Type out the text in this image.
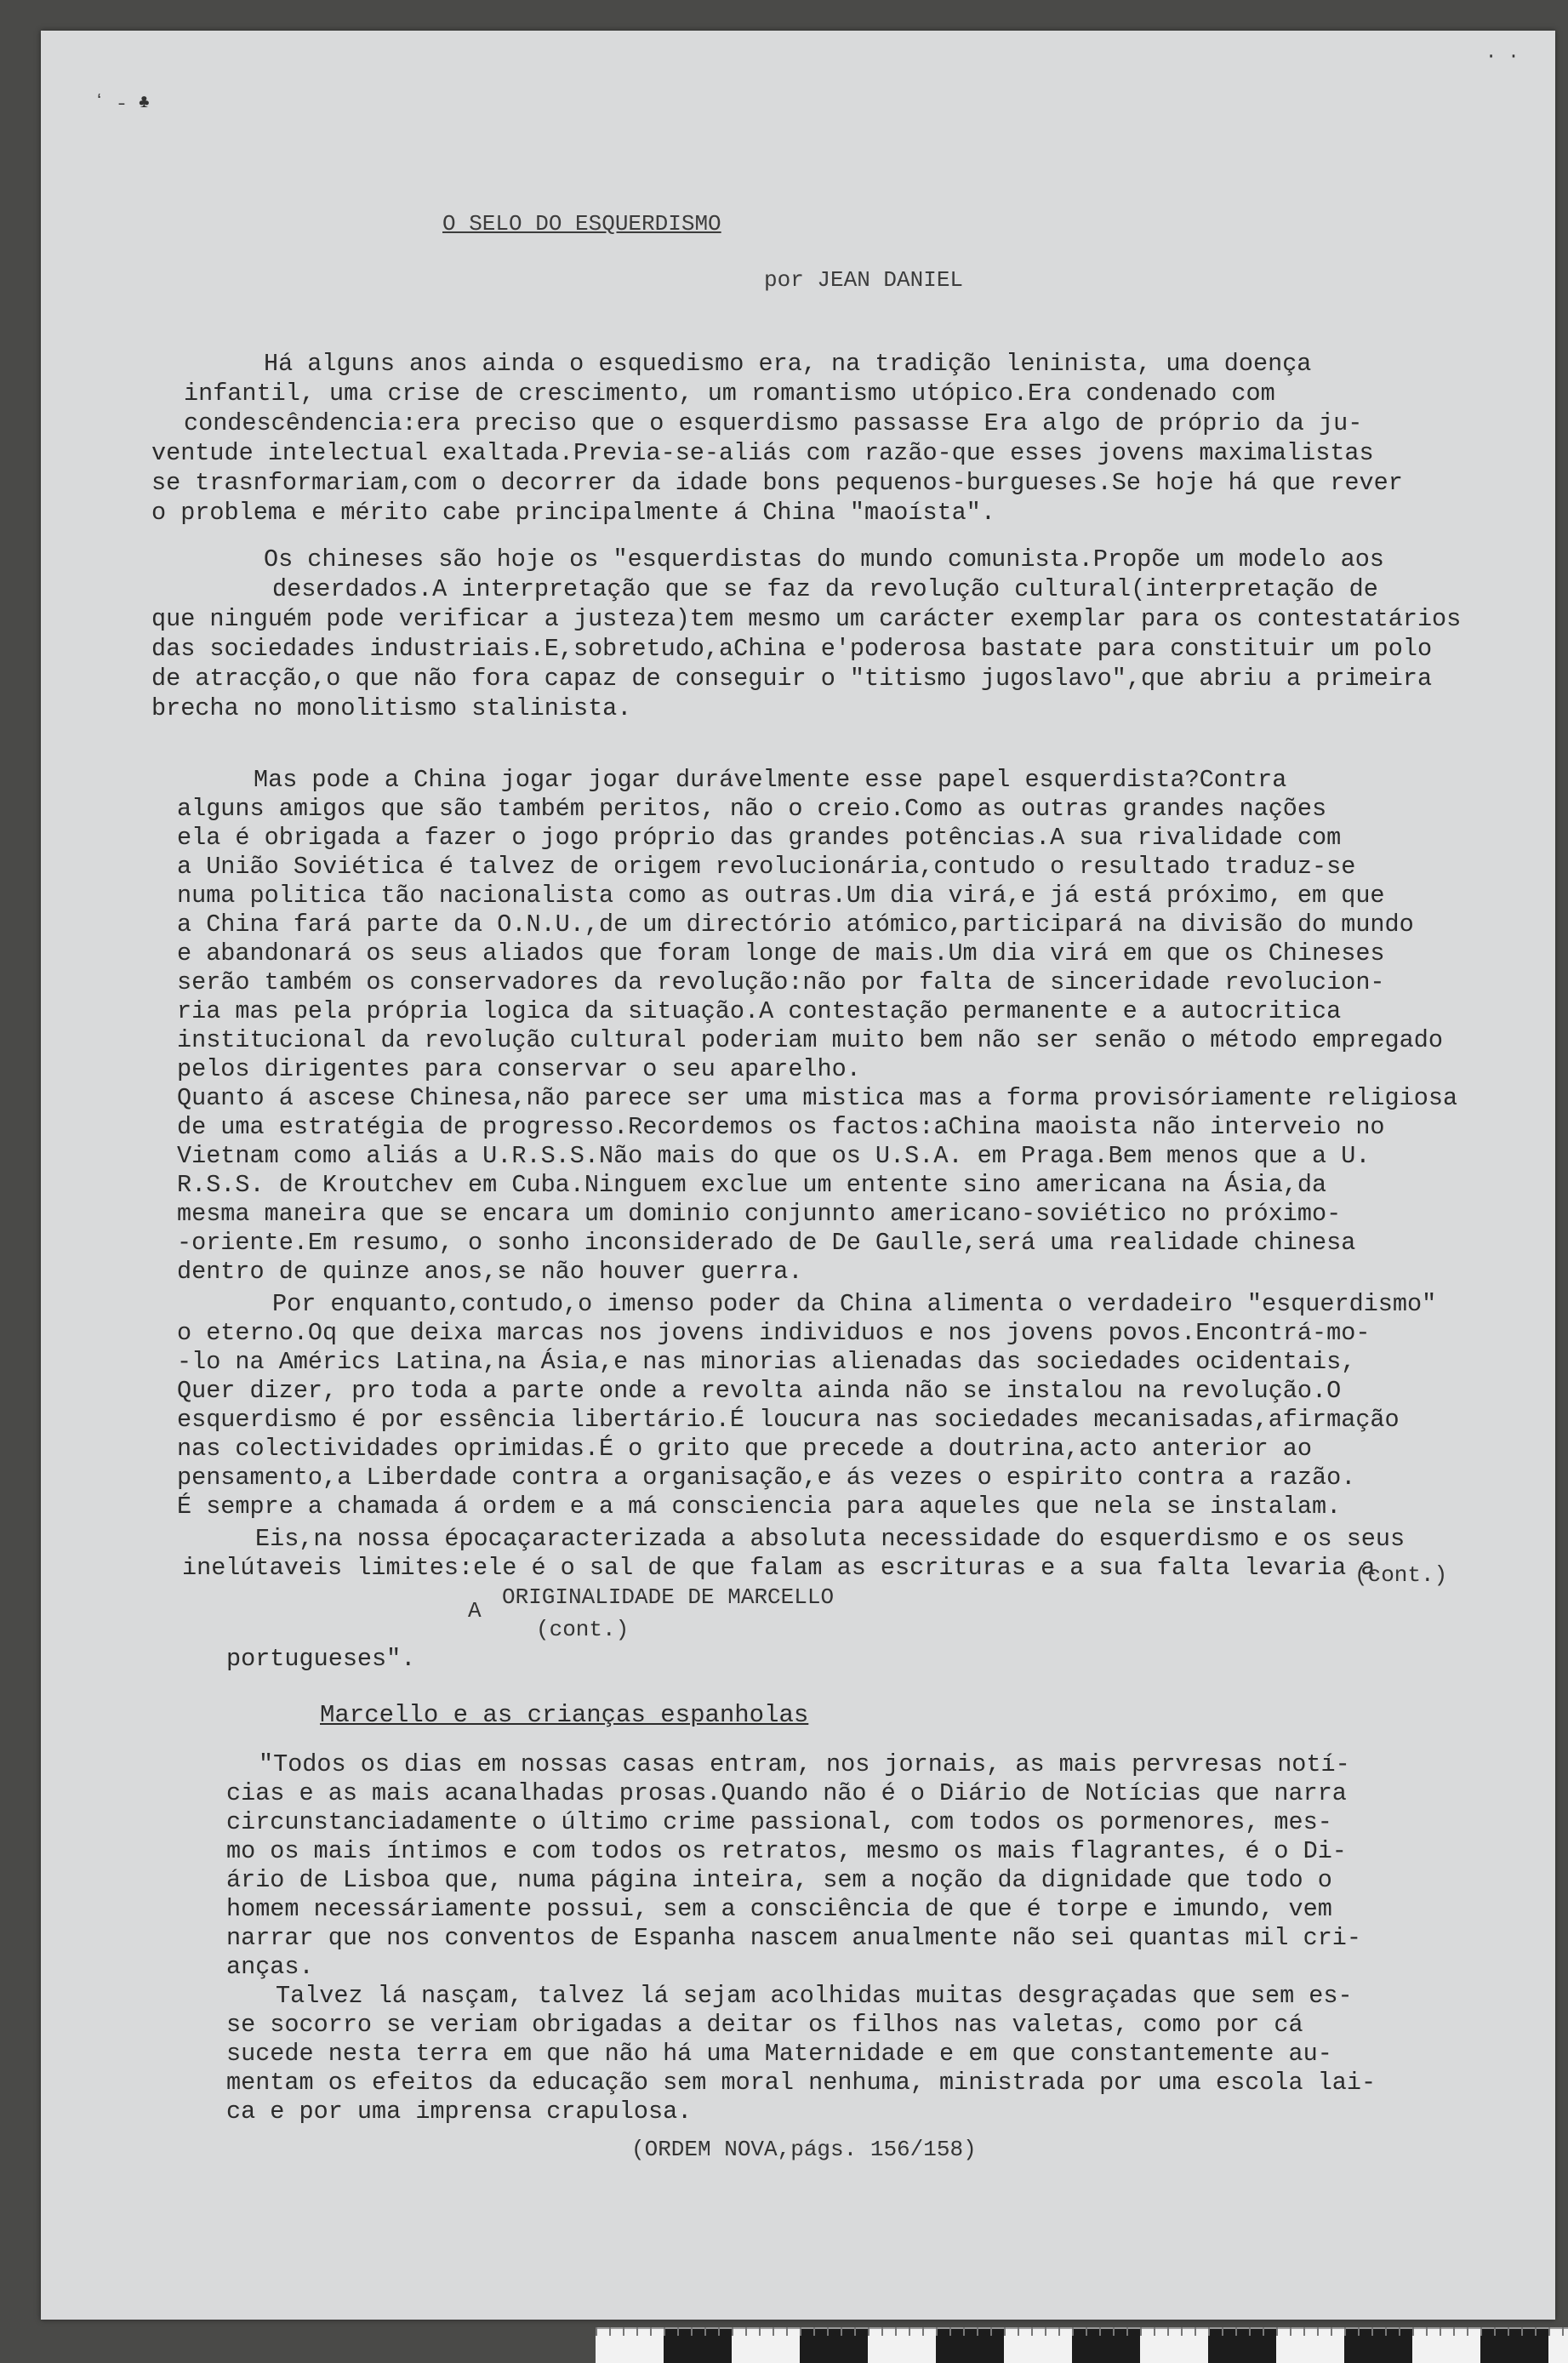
ʻ ˗ ♣
· ·
O SELO DO ESQUERDISMO
por JEAN DANIEL
Há alguns anos ainda o esquedismo era, na tradição leninista, uma doença
infantil, uma crise de crescimento, um romantismo utópico.Era condenado com
condescêndencia:era preciso que o esquerdismo passasse Era algo de próprio da ju-
ventude intelectual exaltada.Previa-se-aliás com razão-que esses jovens maximalistas
se trasnformariam,com o decorrer da idade bons pequenos-burgueses.Se hoje há que rever
o problema e mérito cabe principalmente á China "maoísta".
Os chineses são hoje os "esquerdistas do mundo comunista.Propõe um modelo aos
deserdados.A interpretação que se faz da revolução cultural(interpretação de
que ninguém pode verificar a justeza)tem mesmo um carácter exemplar para os contestatários
das sociedades industriais.E,sobretudo,aChina e'poderosa bastate para constituir um polo
de atracção,o que não fora capaz de conseguir o "titismo jugoslavo",que abriu a primeira
brecha no monolitismo stalinista.
Mas pode a China jogar jogar durávelmente esse papel esquerdista?Contra
alguns amigos que são também peritos, não o creio.Como as outras grandes nações
ela é obrigada a fazer o jogo próprio das grandes potências.A sua rivalidade com
a União Soviética é talvez de origem revolucionária,contudo o resultado traduz-se
numa politica tão nacionalista como as outras.Um dia virá,e já está próximo, em que
a China fará parte da O.N.U.,de um directório atómico,participará na divisão do mundo
e abandonará os seus aliados que foram longe de mais.Um dia virá em que os Chineses
serão também os conservadores da revolução:não por falta de sinceridade revolucion-
ria mas pela própria logica da situação.A contestação permanente e a autocritica
institucional da revolução cultural poderiam muito bem não ser senão o método empregado
pelos dirigentes para conservar o seu aparelho.
Quanto á ascese Chinesa,não parece ser uma mistica mas a forma provisóriamente religiosa
de uma estratégia de progresso.Recordemos os factos:aChina maoista não interveio no
Vietnam como aliás a U.R.S.S.Não mais do que os U.S.A. em Praga.Bem menos que a U.
R.S.S. de Kroutchev em Cuba.Ninguem exclue um entente sino americana na Ásia,da
mesma maneira que se encara um dominio conjunnto americano-soviético no próximo-
-oriente.Em resumo, o sonho inconsiderado de De Gaulle,será uma realidade chinesa
dentro de quinze anos,se não houver guerra.
Por enquanto,contudo,o imenso poder da China alimenta o verdadeiro "esquerdismo"
o eterno.Oq que deixa marcas nos jovens individuos e nos jovens povos.Encontrá-mo-
-lo na Américs Latina,na Ásia,e nas minorias alienadas das sociedades ocidentais,
Quer dizer, pro toda a parte onde a revolta ainda não se instalou na revolução.O
esquerdismo é por essência libertário.É loucura nas sociedades mecanisadas,afirmação
nas colectividades oprimidas.É o grito que precede a doutrina,acto anterior ao
pensamento,a Liberdade contra a organisação,e ás vezes o espirito contra a razão.
É sempre a chamada á ordem e a má consciencia para aqueles que nela se instalam.
Eis,na nossa épocaçaracterizada a absoluta necessidade do esquerdismo e os seus
inelútaveis limites:ele é o sal de que falam as escrituras e a sua falta levaria a
(cont.)
A
ORIGINALIDADE DE MARCELLO
(cont.)
portugueses".
Marcello e as crianças espanholas
"Todos os dias em nossas casas entram, nos jornais, as mais pervresas notí-
cias e as mais acanalhadas prosas.Quando não é o Diário de Notícias que narra
circunstanciadamente o último crime passional, com todos os pormenores, mes-
mo os mais íntimos e com todos os retratos, mesmo os mais flagrantes, é o Di-
ário de Lisboa que, numa página inteira, sem a noção da dignidade que todo o
homem necessáriamente possui, sem a consciência de que é torpe e imundo, vem
narrar que nos conventos de Espanha nascem anualmente não sei quantas mil cri-
anças.
Talvez lá nasçam, talvez lá sejam acolhidas muitas desgraçadas que sem es-
se socorro se veriam obrigadas a deitar os filhos nas valetas, como por cá
sucede nesta terra em que não há uma Maternidade e em que constantemente au-
mentam os efeitos da educação sem moral nenhuma, ministrada por uma escola lai-
ca e por uma imprensa crapulosa.
(ORDEM NOVA,págs. 156/158)
